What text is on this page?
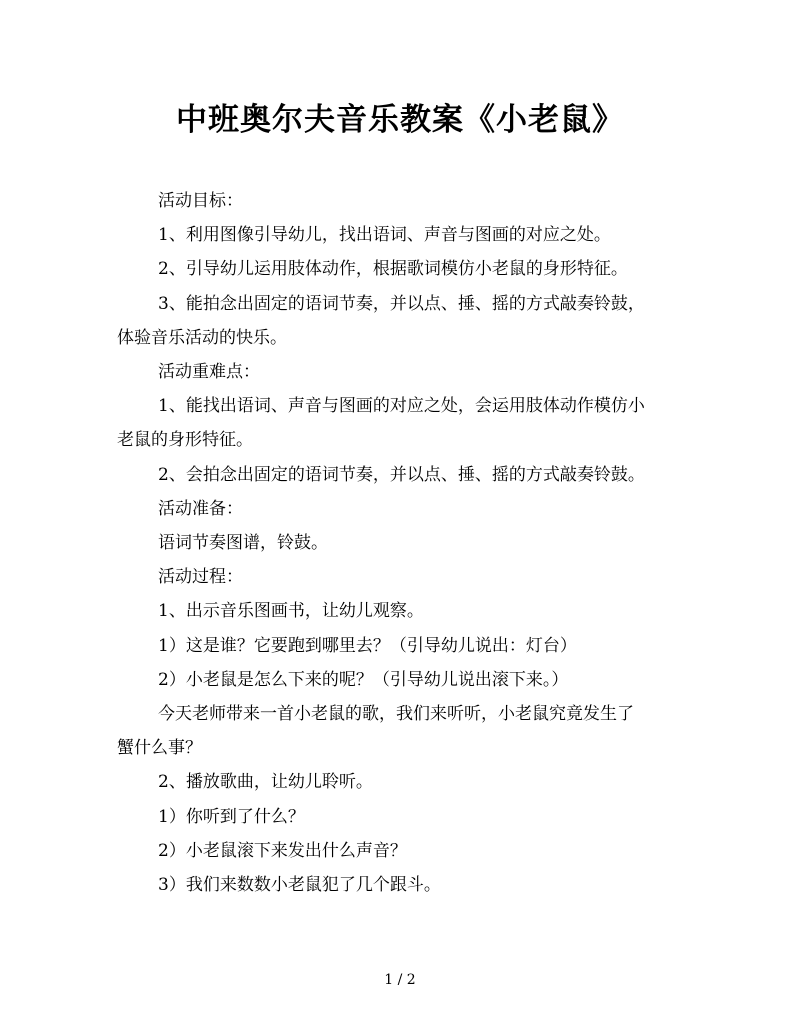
中班奥尔夫音乐教案《小老鼠》

活动目标：

1、利用图像引导幼儿，找出语词、声音与图画的对应之处。

2、引导幼儿运用肢体动作，根据歌词模仿小老鼠的身形特征。

3、能拍念出固定的语词节奏，并以点、捶、摇的方式敲奏铃鼓，

体验音乐活动的快乐。

活动重难点：

1、能找出语词、声音与图画的对应之处，会运用肢体动作模仿小

老鼠的身形特征。

2、会拍念出固定的语词节奏，并以点、捶、摇的方式敲奏铃鼓。

活动准备：

语词节奏图谱，铃鼓。

活动过程：

1、出示音乐图画书，让幼儿观察。

1）这是谁？它要跑到哪里去？（引导幼儿说出：灯台）

2）小老鼠是怎么下来的呢？（引导幼儿说出滚下来。）

今天老师带来一首小老鼠的歌，我们来听听，小老鼠究竟发生了

蟹什么事？

2、播放歌曲，让幼儿聆听。

1）你听到了什么？

2）小老鼠滚下来发出什么声音？

3）我们来数数小老鼠犯了几个跟斗。

1 / 2
